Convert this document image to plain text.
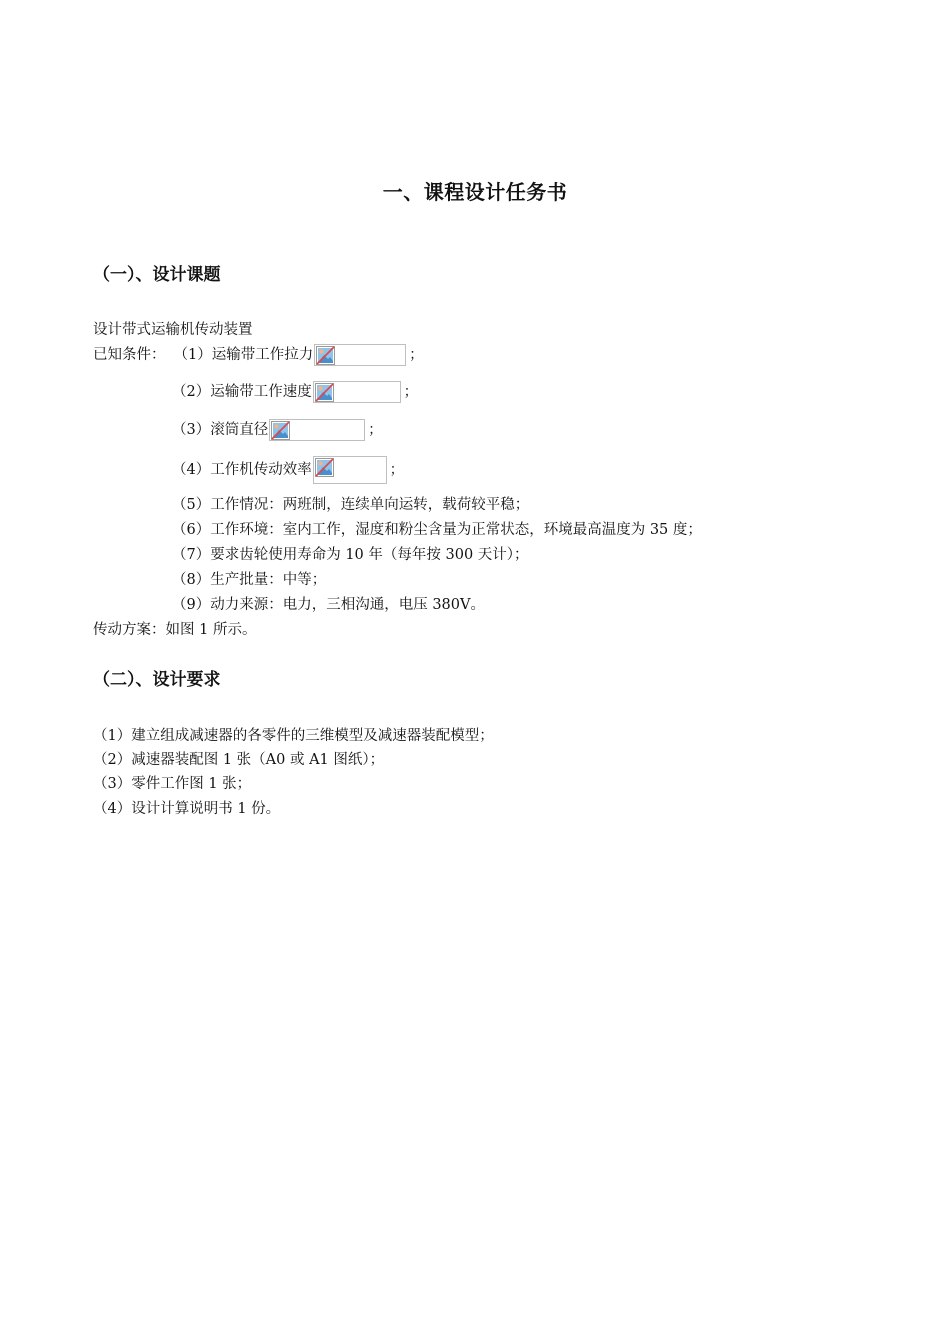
一、课程设计任务书
（一）、设计课题
设计带式运输机传动装置
已知条件： （1）运输带工作拉力	；
（2）运输带工作速度	；
（3）滚筒直径	；
（4）工作机传动效率	；
（5）工作情况：两班制，连续单向运转，载荷较平稳；
（6）工作环境：室内工作，湿度和粉尘含量为正常状态，环境最高温度为 35 度；
（7）要求齿轮使用寿命为 10 年（每年按 300 天计）；
（8）生产批量：中等；
（9）动力来源：电力，三相沟通，电压 380V。
传动方案：如图 1 所示。
（二）、设计要求
（1）建立组成减速器的各零件的三维模型及减速器装配模型；
（2）减速器装配图 1 张（A0 或 A1 图纸）；
（3）零件工作图 1 张；
（4）设计计算说明书 1 份。
